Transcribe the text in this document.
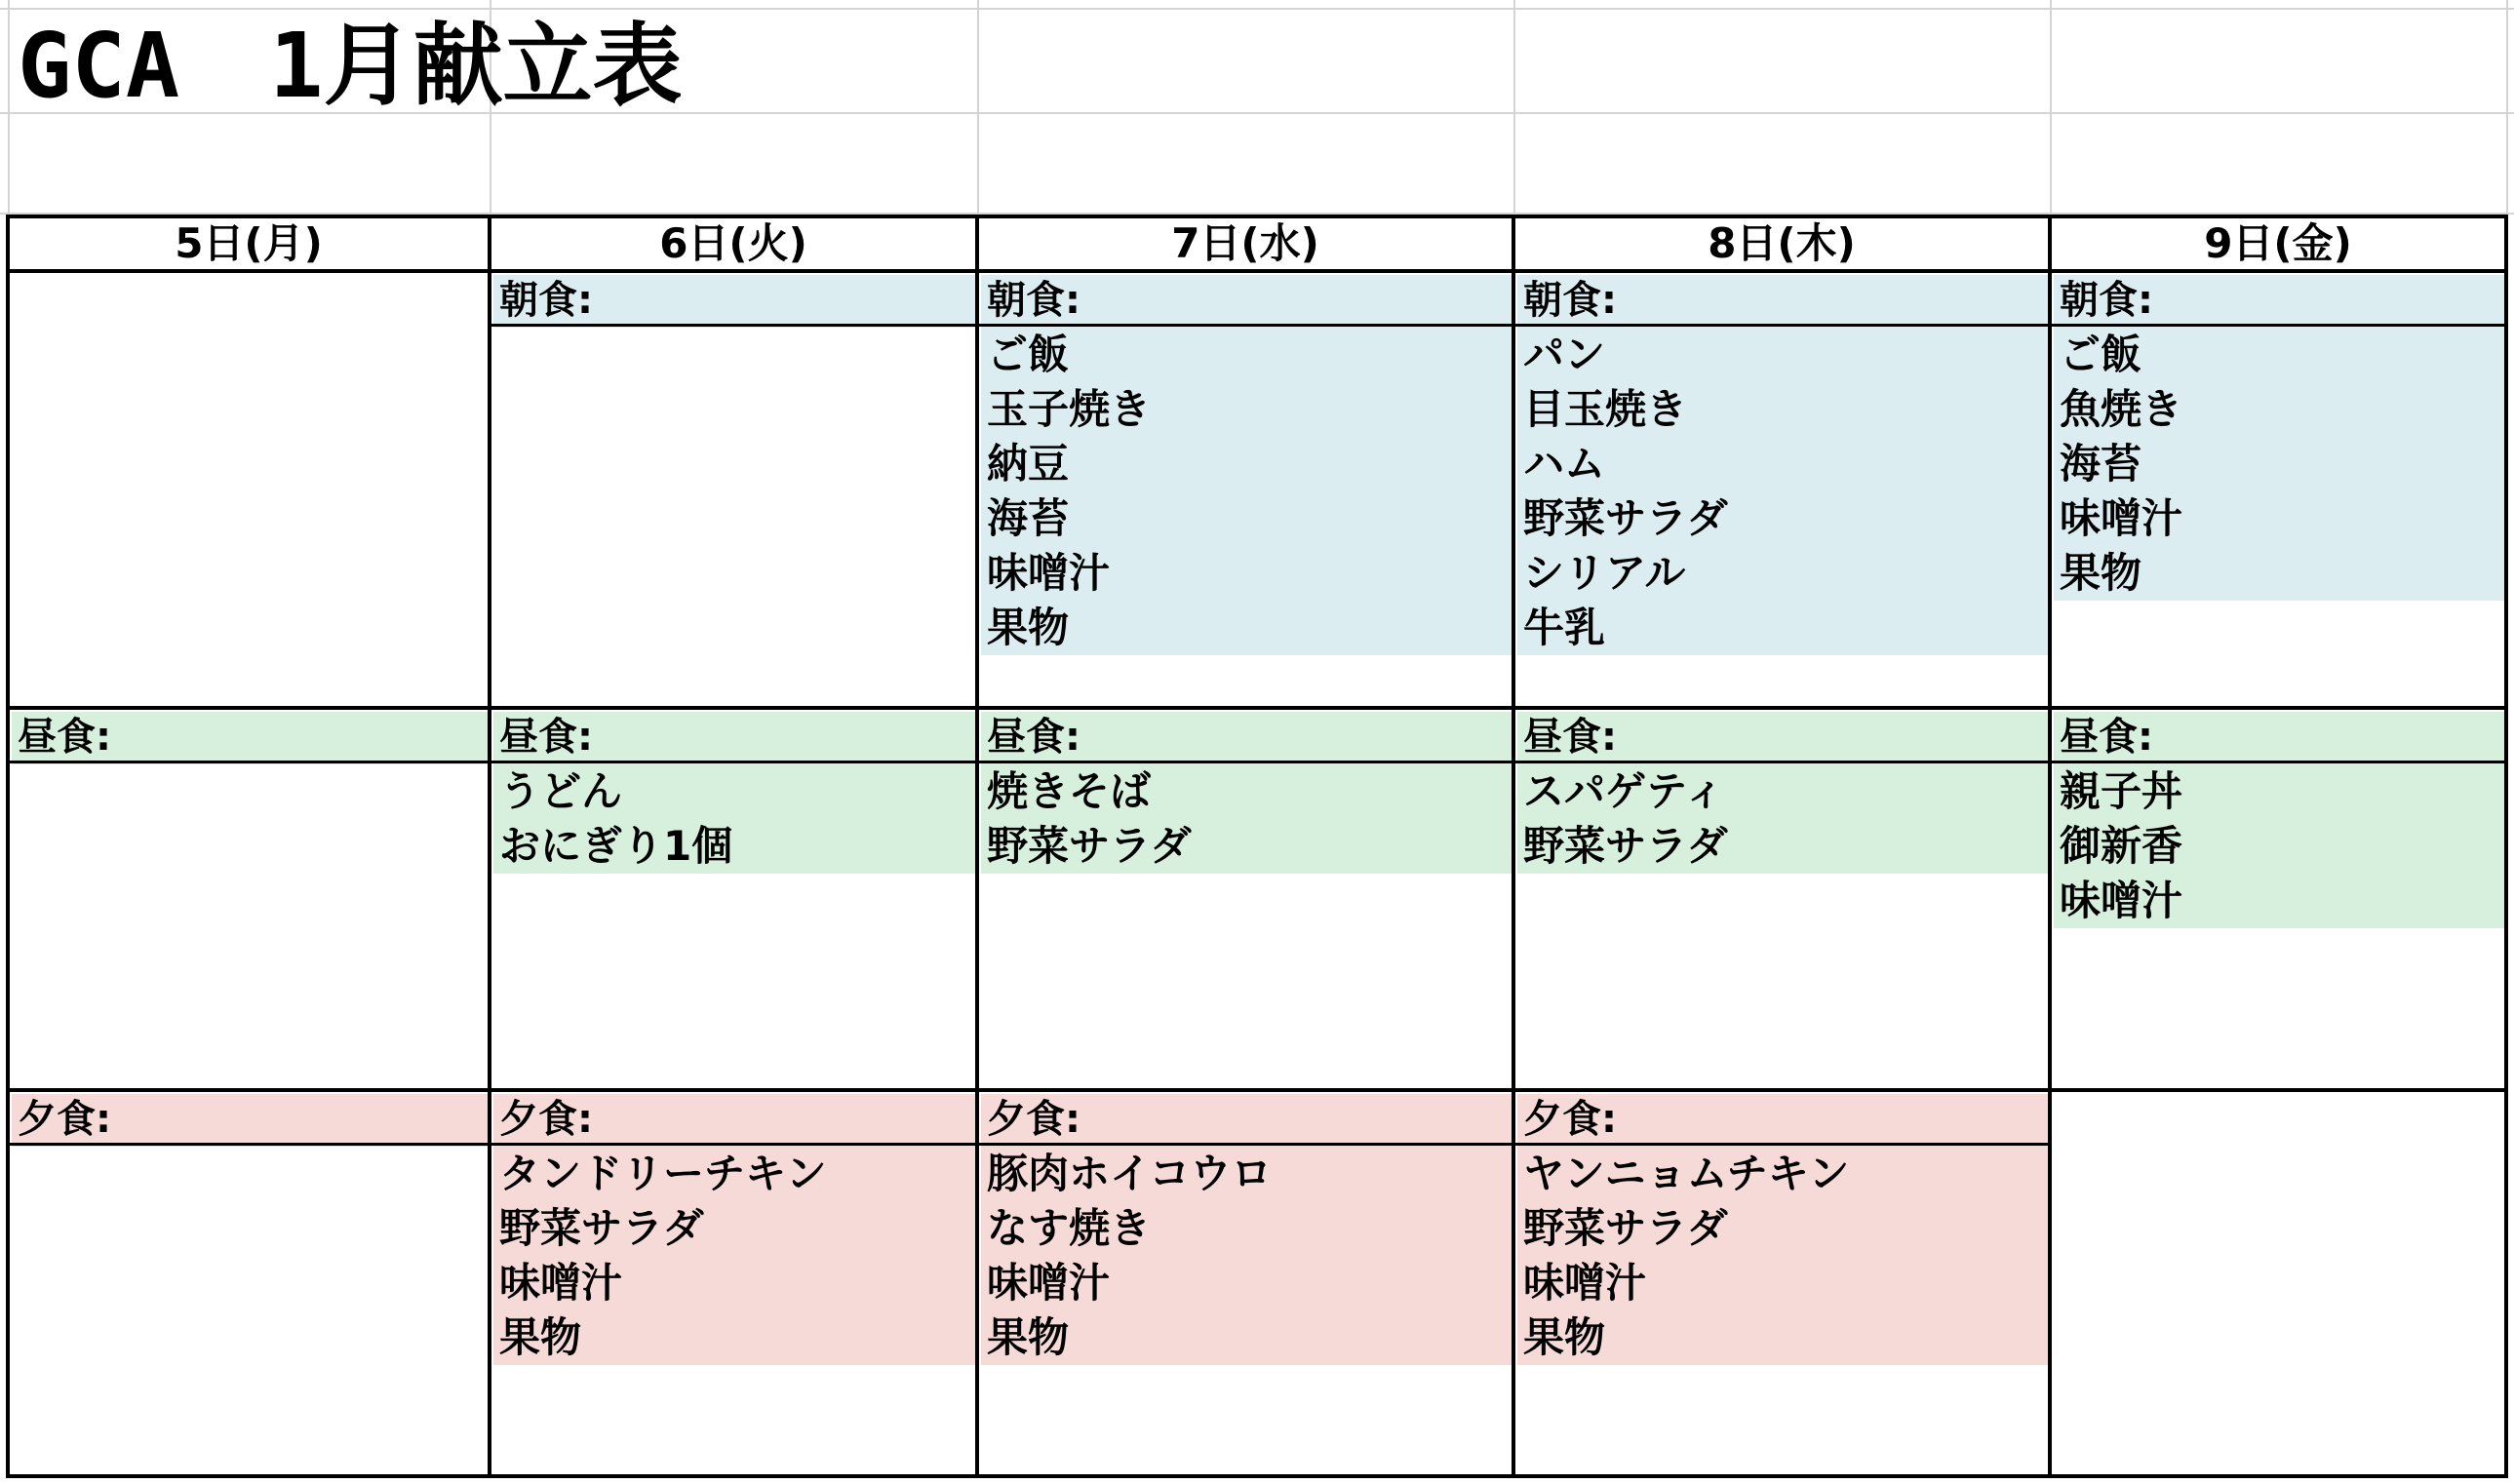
5日(月)
昼食:
夕食:
6日(火)
朝食:
昼食:
うどん
おにぎり1個
夕食:
タンドリーチキン
野菜サラダ
味噌汁
果物
7日(水)
朝食:
ご飯
玉子焼き
納豆
海苔
味噌汁
果物
昼食:
焼きそば
野菜サラダ
夕食:
豚肉ホイコウロ
なす焼き
味噌汁
果物
8日(木)
朝食:
パン
目玉焼き
ハム
野菜サラダ
シリアル
牛乳
昼食:
スパゲティ
野菜サラダ
夕食:
ヤンニョムチキン
野菜サラダ
味噌汁
果物
9日(金)
朝食:
ご飯
魚焼き
海苔
味噌汁
果物
昼食:
親子丼
御新香
味噌汁
GCA　1月献立表
